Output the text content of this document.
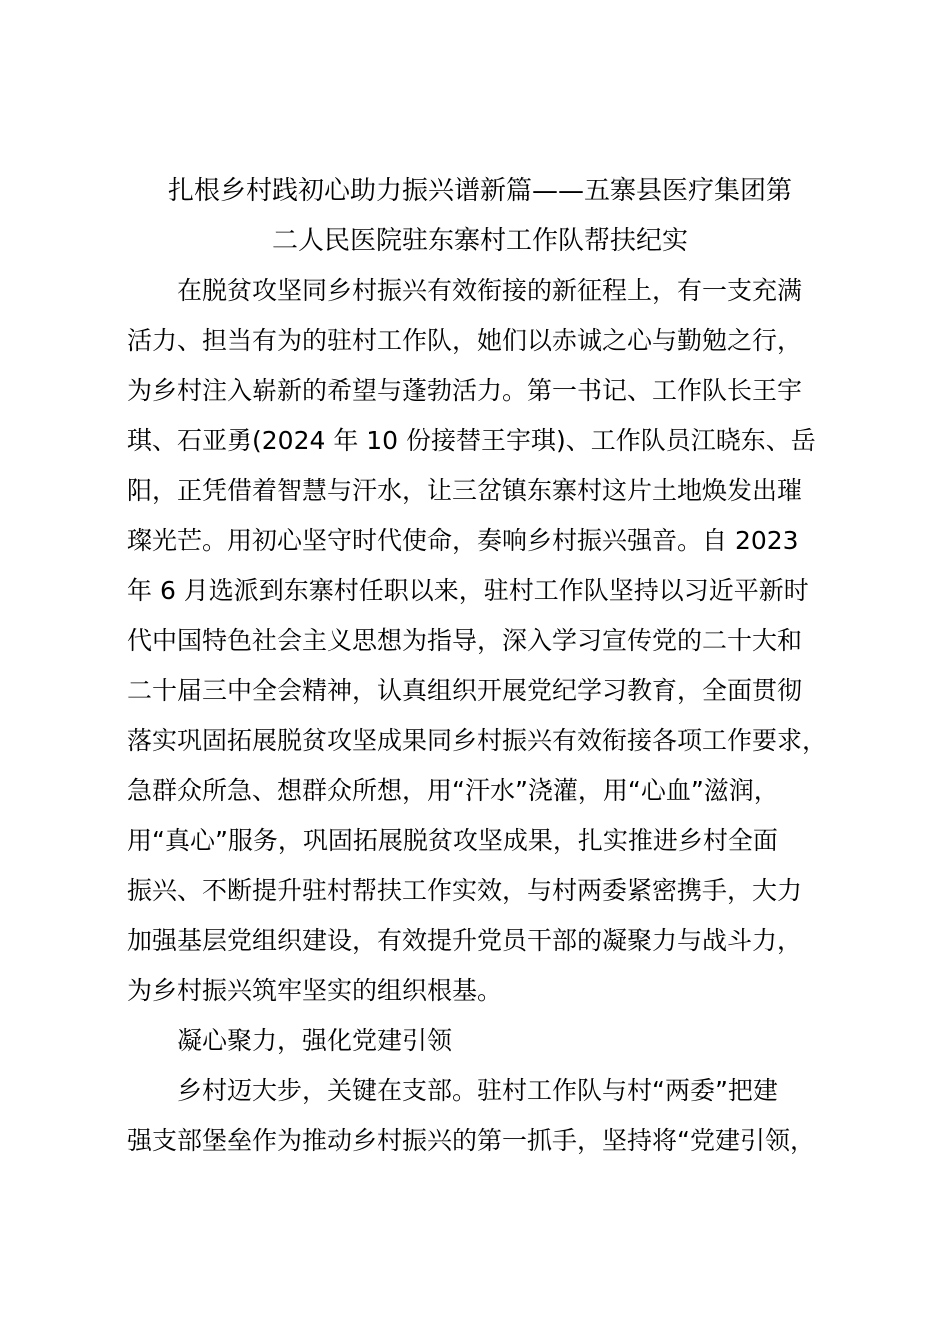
扎根乡村践初心助力振兴谱新篇——五寨县医疗集团第
二人民医院驻东寨村工作队帮扶纪实
在脱贫攻坚同乡村振兴有效衔接的新征程上，有一支充满
活力、担当有为的驻村工作队，她们以赤诚之心与勤勉之行，
为乡村注入崭新的希望与蓬勃活力。第一书记、工作队长王宇
琪、石亚勇(2024 年 10 份接替王宇琪)、工作队员江晓东、岳
阳，正凭借着智慧与汗水，让三岔镇东寨村这片土地焕发出璀
璨光芒。用初心坚守时代使命，奏响乡村振兴强音。自 2023
年 6 月选派到东寨村任职以来，驻村工作队坚持以习近平新时
代中国特色社会主义思想为指导，深入学习宣传党的二十大和
二十届三中全会精神，认真组织开展党纪学习教育，全面贯彻
落实巩固拓展脱贫攻坚成果同乡村振兴有效衔接各项工作要求，
急群众所急、想群众所想，用“汗水”浇灌，用“心血”滋润，
用“真心”服务，巩固拓展脱贫攻坚成果，扎实推进乡村全面
振兴、不断提升驻村帮扶工作实效，与村两委紧密携手，大力
加强基层党组织建设，有效提升党员干部的凝聚力与战斗力，
为乡村振兴筑牢坚实的组织根基。

凝心聚力，强化党建引领

乡村迈大步，关键在支部。驻村工作队与村“两委”把建
强支部堡垒作为推动乡村振兴的第一抓手，坚持将“党建引领，
